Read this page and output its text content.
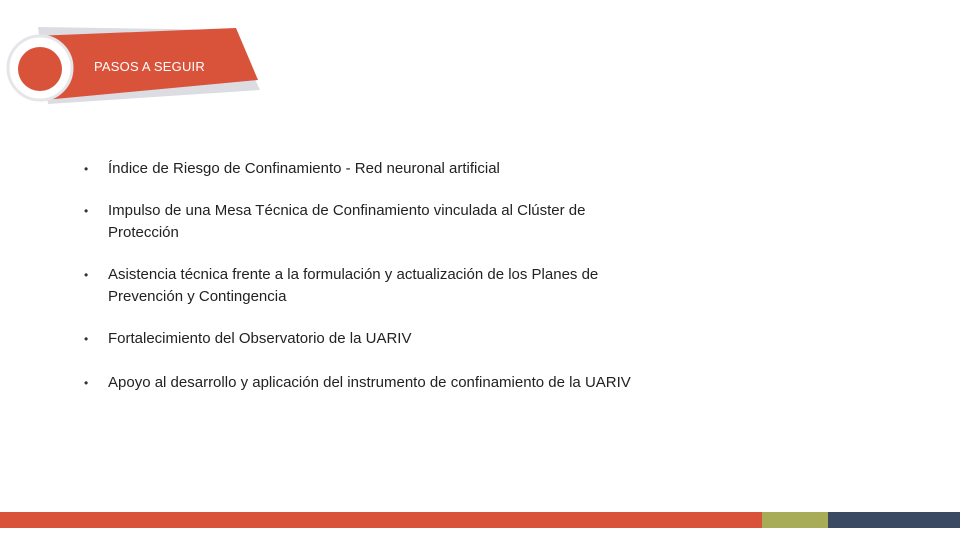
PASOS A SEGUIR
• Índice de Riesgo de Confinamiento - Red neuronal artificial
• Impulso de una Mesa Técnica de Confinamiento vinculada al Clúster de Protección
• Asistencia técnica frente a la formulación y actualización de los Planes de Prevención y Contingencia
• Fortalecimiento del Observatorio de la UARIV
• Apoyo al desarrollo y aplicación del instrumento de confinamiento de la UARIV
